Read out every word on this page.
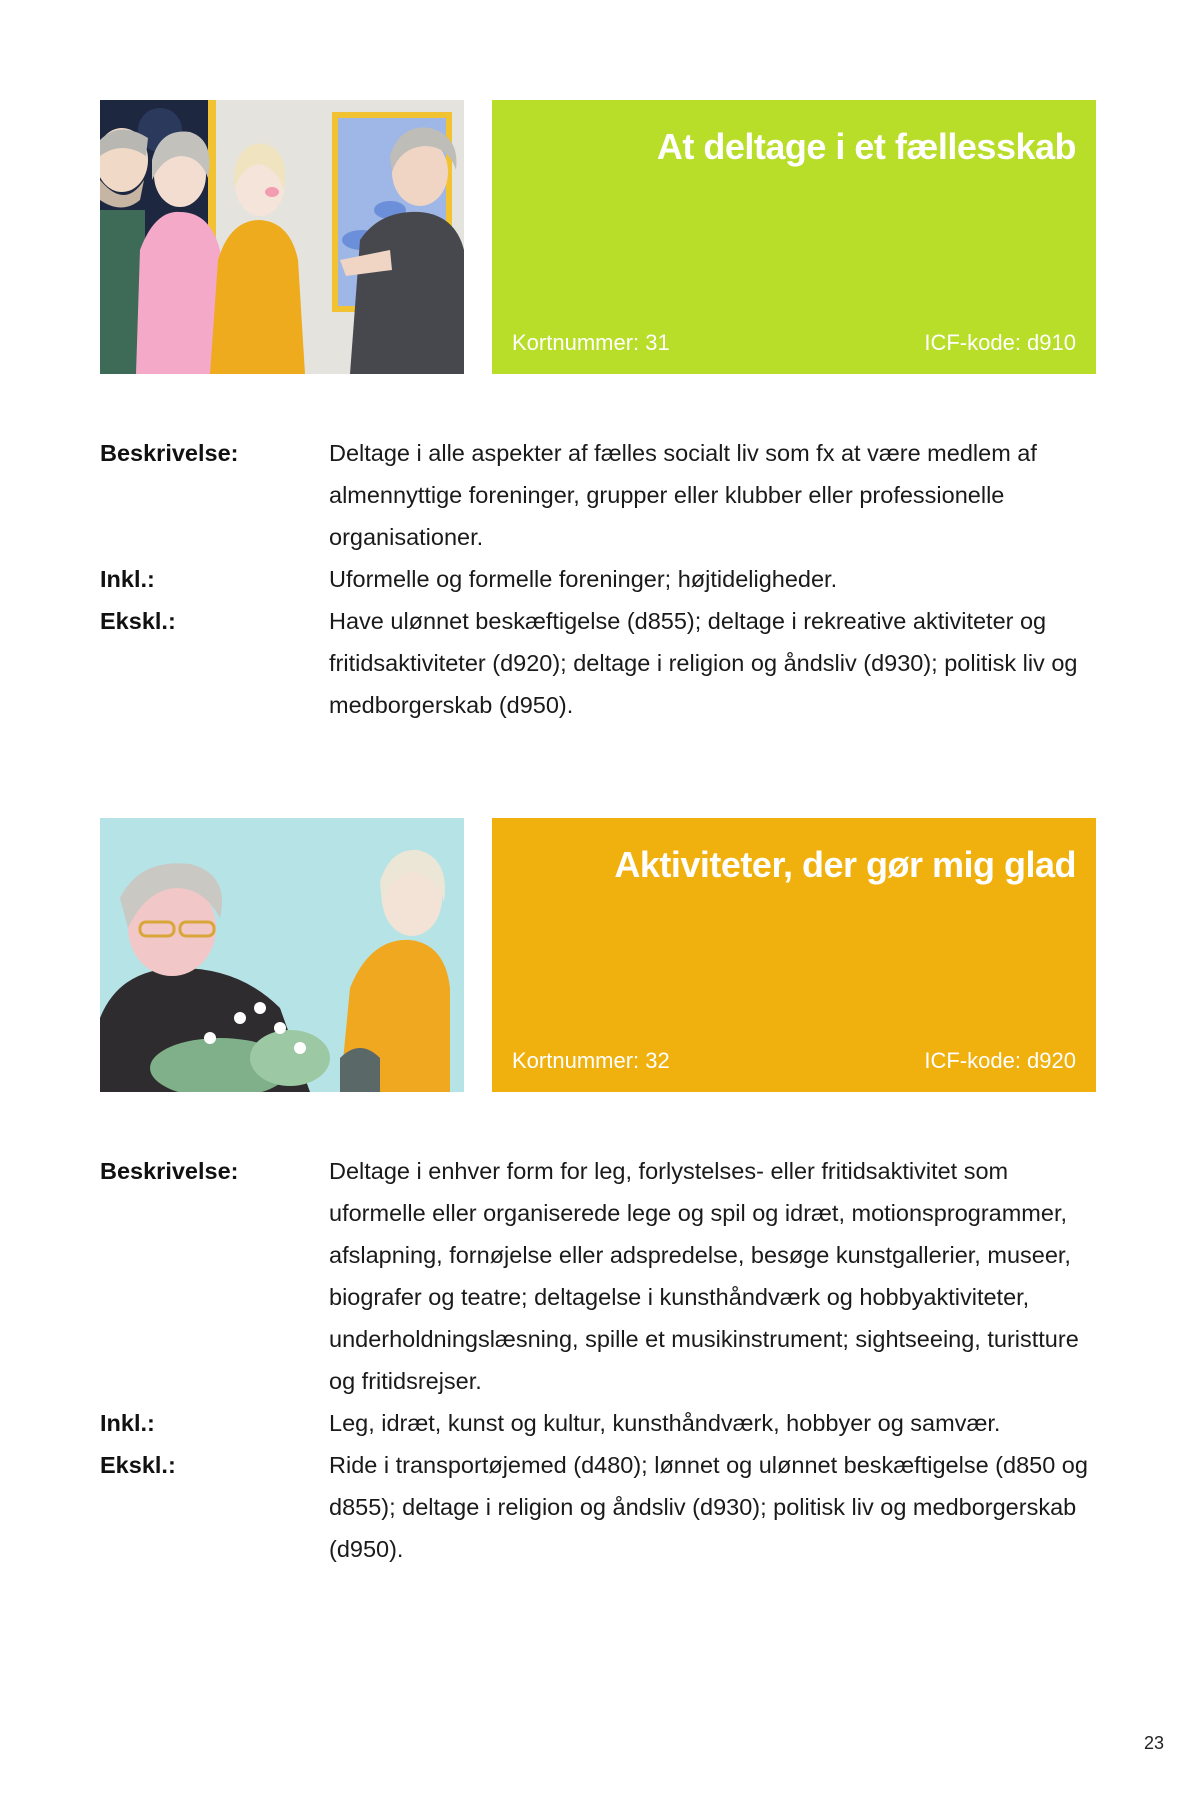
At deltage i et fællesskab
Kortnummer: 31	ICF-kode: d910
Beskrivelse:	Deltage i alle aspekter af fælles socialt liv som fx at være medlem af almennyttige foreninger, grupper eller klubber eller professionelle organisationer.
Inkl.:	Uformelle og formelle foreninger; højtideligheder.
Ekskl.:	Have ulønnet beskæftigelse (d855); deltage i rekreative aktiviteter og fritidsaktiviteter (d920); deltage i religion og åndsliv (d930); politisk liv og medborgerskab (d950).
Aktiviteter, der gør mig glad
Kortnummer: 32	ICF-kode: d920
Beskrivelse:	Deltage i enhver form for leg, forlystelses- eller fritidsaktivitet som uformelle eller organiserede lege og spil og idræt, motionsprogrammer, afslapning, fornøjelse eller adspredelse, besøge kunstgallerier, museer, biografer og teatre; deltagelse i kunsthåndværk og hobbyaktiviteter, underholdningslæsning, spille et musikinstrument; sightseeing, turistture og fritidsrejser.
Inkl.:	Leg, idræt, kunst og kultur, kunsthåndværk, hobbyer og samvær.
Ekskl.:	Ride i transportøjemed (d480); lønnet og ulønnet beskæftigelse (d850 og d855); deltage i religion og åndsliv (d930); politisk liv og medborgerskab (d950).
23
